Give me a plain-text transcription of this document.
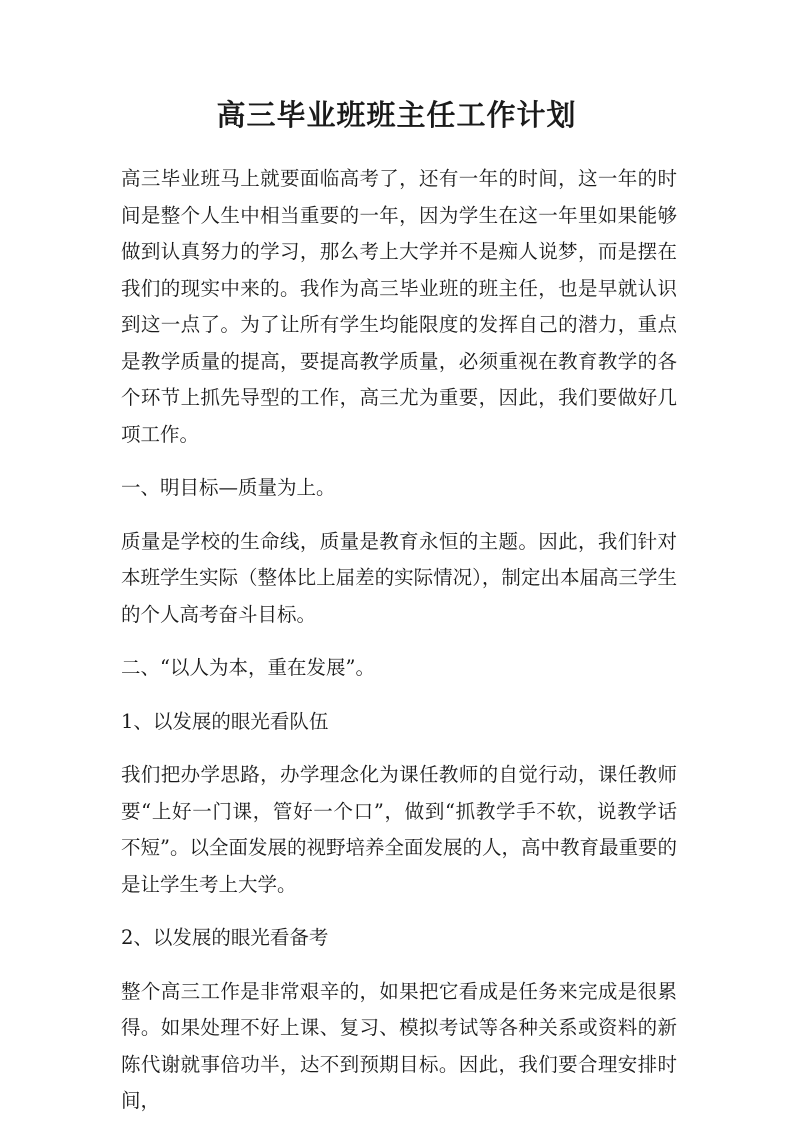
高三毕业班班主任工作计划

高三毕业班马上就要面临高考了，还有一年的时间，这一年的时间是整个人生中相当重要的一年，因为学生在这一年里如果能够做到认真努力的学习，那么考上大学并不是痴人说梦，而是摆在我们的现实中来的。我作为高三毕业班的班主任，也是早就认识到这一点了。为了让所有学生均能限度的发挥自己的潜力，重点是教学质量的提高，要提高教学质量，必须重视在教育教学的各个环节上抓先导型的工作，高三尤为重要，因此，我们要做好几项工作。

一、明目标—质量为上。

质量是学校的生命线，质量是教育永恒的主题。因此，我们针对本班学生实际（整体比上届差的实际情况），制定出本届高三学生的个人高考奋斗目标。

二、“以人为本，重在发展”。

1、以发展的眼光看队伍

我们把办学思路，办学理念化为课任教师的自觉行动，课任教师要“上好一门课，管好一个口”，做到“抓教学手不软，说教学话不短”。以全面发展的视野培养全面发展的人，高中教育最重要的是让学生考上大学。

2、以发展的眼光看备考

整个高三工作是非常艰辛的，如果把它看成是任务来完成是很累得。如果处理不好上课、复习、模拟考试等各种关系或资料的新陈代谢就事倍功半，达不到预期目标。因此，我们要合理安排时间，
